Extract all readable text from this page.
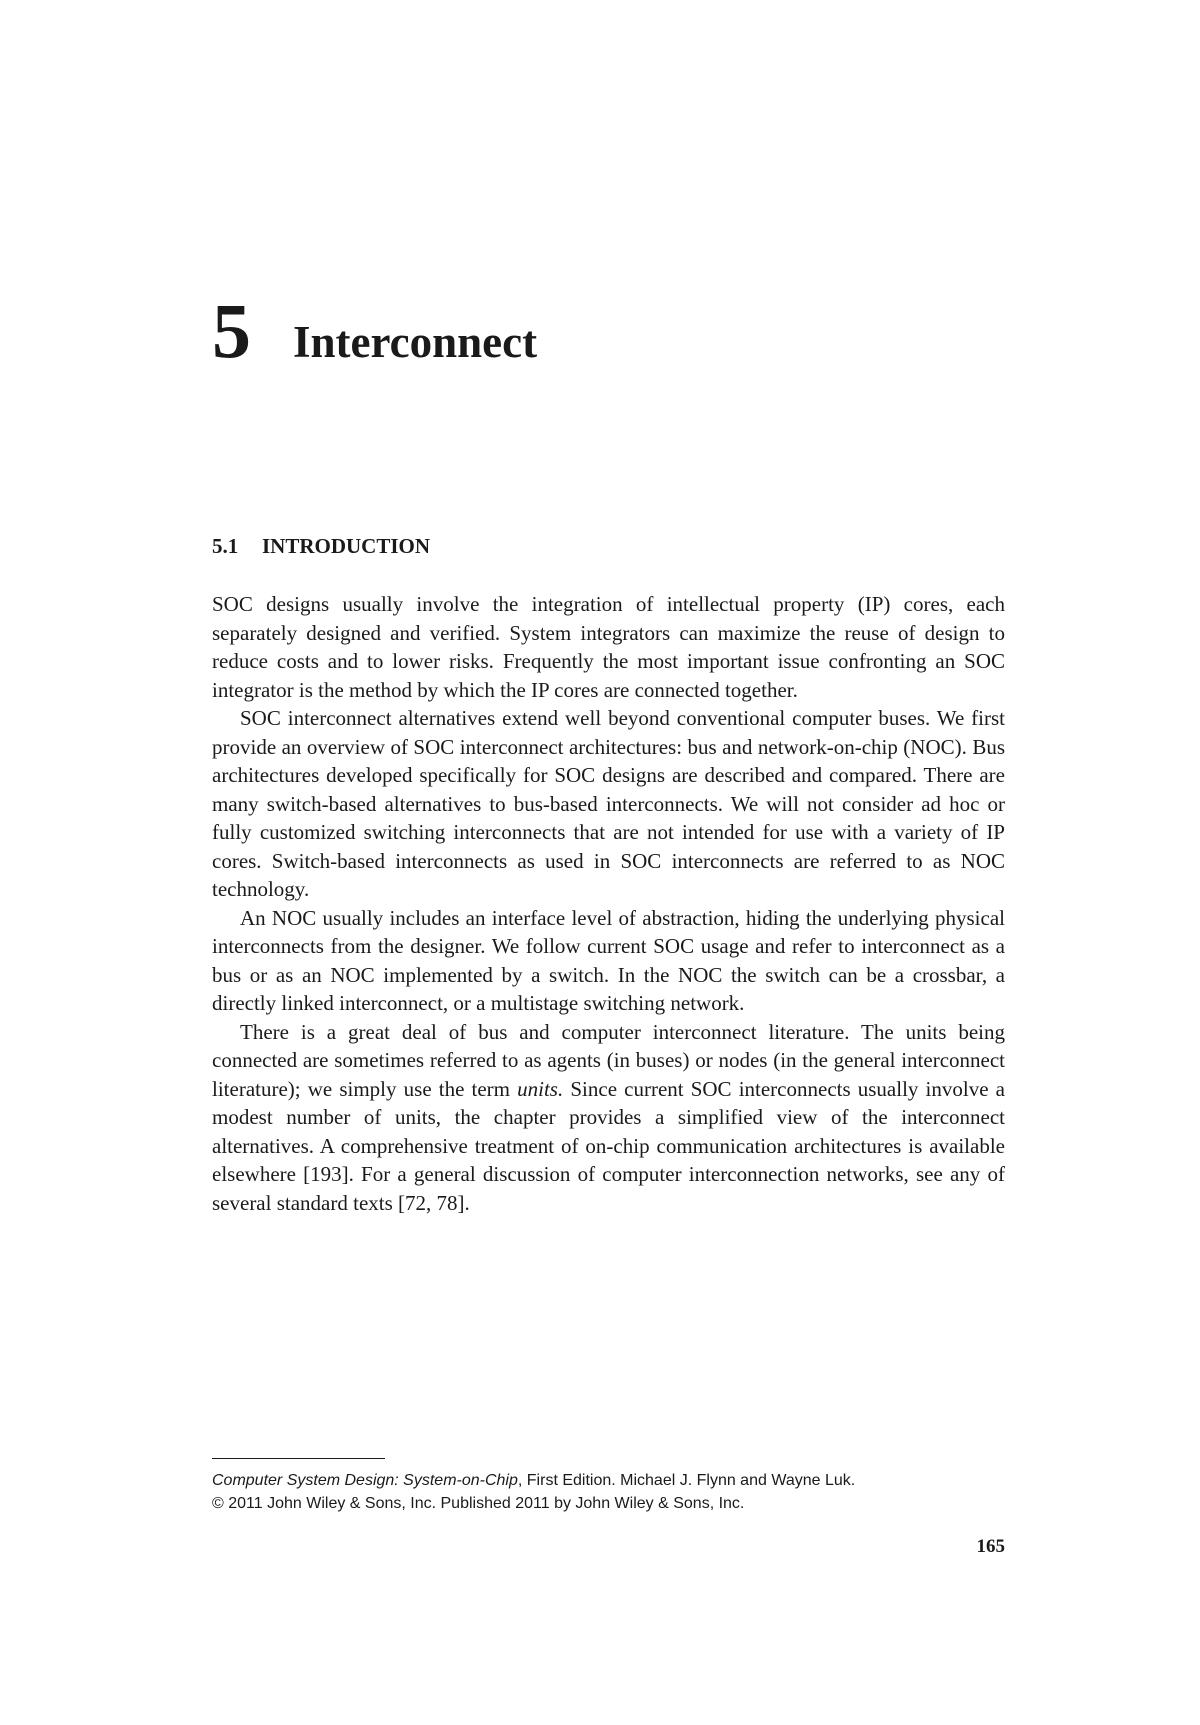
5 Interconnect
5.1	INTRODUCTION

SOC designs usually involve the integration of intellectual property (IP) cores, each separately designed and verified. System integrators can maximize the reuse of design to reduce costs and to lower risks. Frequently the most important issue confronting an SOC integrator is the method by which the IP cores are connected together.

SOC interconnect alternatives extend well beyond conventional computer buses. We first provide an overview of SOC interconnect architectures: bus and network-on-chip (NOC). Bus architectures developed specifically for SOC designs are described and compared. There are many switch-based alternatives to bus-based interconnects. We will not consider ad hoc or fully customized switching interconnects that are not intended for use with a variety of IP cores. Switch-based interconnects as used in SOC interconnects are referred to as NOC technology.

An NOC usually includes an interface level of abstraction, hiding the underlying physical interconnects from the designer. We follow current SOC usage and refer to interconnect as a bus or as an NOC implemented by a switch. In the NOC the switch can be a crossbar, a directly linked interconnect, or a multistage switching network.

There is a great deal of bus and computer interconnect literature. The units being connected are sometimes referred to as agents (in buses) or nodes (in the general interconnect literature); we simply use the term units. Since current SOC interconnects usually involve a modest number of units, the chapter provides a simplified view of the interconnect alternatives. A comprehensive treatment of on-chip communication architectures is available elsewhere [193]. For a general discussion of computer interconnection networks, see any of several standard texts [72, 78].

Computer System Design: System-on-Chip, First Edition. Michael J. Flynn and Wayne Luk.
© 2011 John Wiley & Sons, Inc. Published 2011 by John Wiley & Sons, Inc.
165
